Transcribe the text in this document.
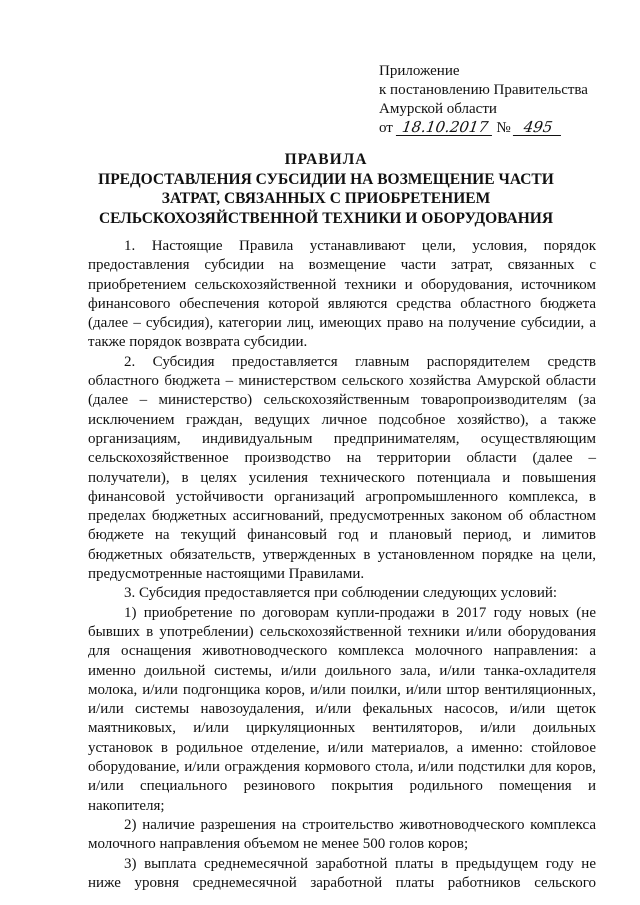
Приложение
к постановлению Правительства
Амурской области
от 18.10.2017 № 495
ПРАВИЛА
ПРЕДОСТАВЛЕНИЯ СУБСИДИИ НА ВОЗМЕЩЕНИЕ ЧАСТИ
ЗАТРАТ, СВЯЗАННЫХ С ПРИОБРЕТЕНИЕМ
СЕЛЬСКОХОЗЯЙСТВЕННОЙ ТЕХНИКИ И ОБОРУДОВАНИЯ

1. Настоящие Правила устанавливают цели, условия, порядок предоставления субсидии на возмещение части затрат, связанных с приобретением сельскохозяйственной техники и оборудования, источником финансового обеспечения которой являются средства областного бюджета (далее – субсидия), категории лиц, имеющих право на получение субсидии, а также порядок возврата субсидии.

2. Субсидия предоставляется главным распорядителем средств областного бюджета – министерством сельского хозяйства Амурской области (далее – министерство) сельскохозяйственным товаропроизводителям (за исключением граждан, ведущих личное подсобное хозяйство), а также организациям, индивидуальным предпринимателям, осуществляющим сельскохозяйственное производство на территории области (далее – получатели), в целях усиления технического потенциала и повышения финансовой устойчивости организаций агропромышленного комплекса, в пределах бюджетных ассигнований, предусмотренных законом об областном бюджете на текущий финансовый год и плановый период, и лимитов бюджетных обязательств, утвержденных в установленном порядке на цели, предусмотренные настоящими Правилами.

3. Субсидия предоставляется при соблюдении следующих условий:

1) приобретение по договорам купли-продажи в 2017 году новых (не бывших в употреблении) сельскохозяйственной техники и/или оборудования для оснащения животноводческого комплекса молочного направления: а именно доильной системы, и/или доильного зала, и/или танка-охладителя молока, и/или подгонщика коров, и/или поилки, и/или штор вентиляционных, и/или системы навозоудаления, и/или фекальных насосов, и/или щеток маятниковых, и/или циркуляционных вентиляторов, и/или доильных установок в родильное отделение, и/или материалов, а именно: стойловое оборудование, и/или ограждения кормового стола, и/или подстилки для коров, и/или специального резинового покрытия родильного помещения и накопителя;

2) наличие разрешения на строительство животноводческого комплекса молочного направления объемом не менее 500 голов коров;

3) выплата среднемесячной заработной платы в предыдущем году не ниже уровня среднемесячной заработной платы работников сельского
